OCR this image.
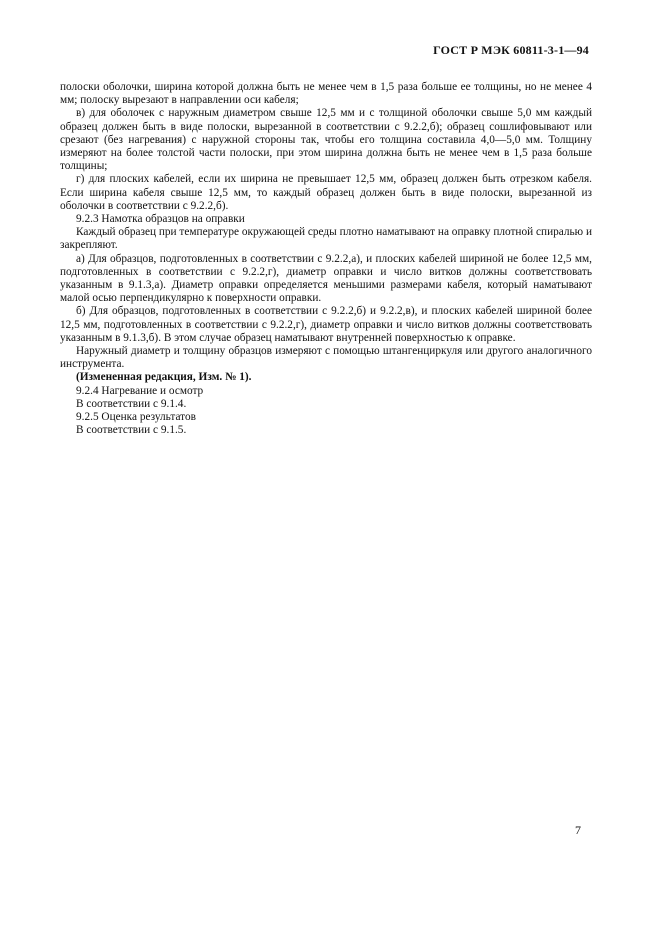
ГОСТ Р МЭК 60811-3-1—94

полоски оболочки, ширина которой должна быть не менее чем в 1,5 раза больше ее толщины, но не менее 4 мм; полоску вырезают в направлении оси кабеля;

в) для оболочек с наружным диаметром свыше 12,5 мм и с толщиной оболочки свыше 5,0 мм каждый образец должен быть в виде полоски, вырезанной в соответствии с 9.2.2,б); образец сошлифовывают или срезают (без нагревания) с наружной стороны так, чтобы его толщина составила 4,0—5,0 мм. Толщину измеряют на более толстой части полоски, при этом ширина должна быть не менее чем в 1,5 раза больше толщины;

г) для плоских кабелей, если их ширина не превышает 12,5 мм, образец должен быть отрезком кабеля. Если ширина кабеля свыше 12,5 мм, то каждый образец должен быть в виде полоски, вырезанной из оболочки в соответствии с 9.2.2,б).

9.2.3 Намотка образцов на оправки

Каждый образец при температуре окружающей среды плотно наматывают на оправку плотной спиралью и закрепляют.

а) Для образцов, подготовленных в соответствии с 9.2.2,а), и плоских кабелей шириной не более 12,5 мм, подготовленных в соответствии с 9.2.2,г), диаметр оправки и число витков должны соответствовать указанным в 9.1.3,а). Диаметр оправки определяется меньшими размерами кабеля, который наматывают малой осью перпендикулярно к поверхности оправки.

б) Для образцов, подготовленных в соответствии с 9.2.2,б) и 9.2.2,в), и плоских кабелей шириной более 12,5 мм, подготовленных в соответствии с 9.2.2,г), диаметр оправки и число витков должны соответствовать указанным в 9.1.3,б). В этом случае образец наматывают внутренней поверхностью к оправке.

Наружный диаметр и толщину образцов измеряют с помощью штангенциркуля или другого аналогичного инструмента.

(Измененная редакция, Изм. № 1).

9.2.4 Нагревание и осмотр

В соответствии с 9.1.4.

9.2.5 Оценка результатов

В соответствии с 9.1.5.

7
